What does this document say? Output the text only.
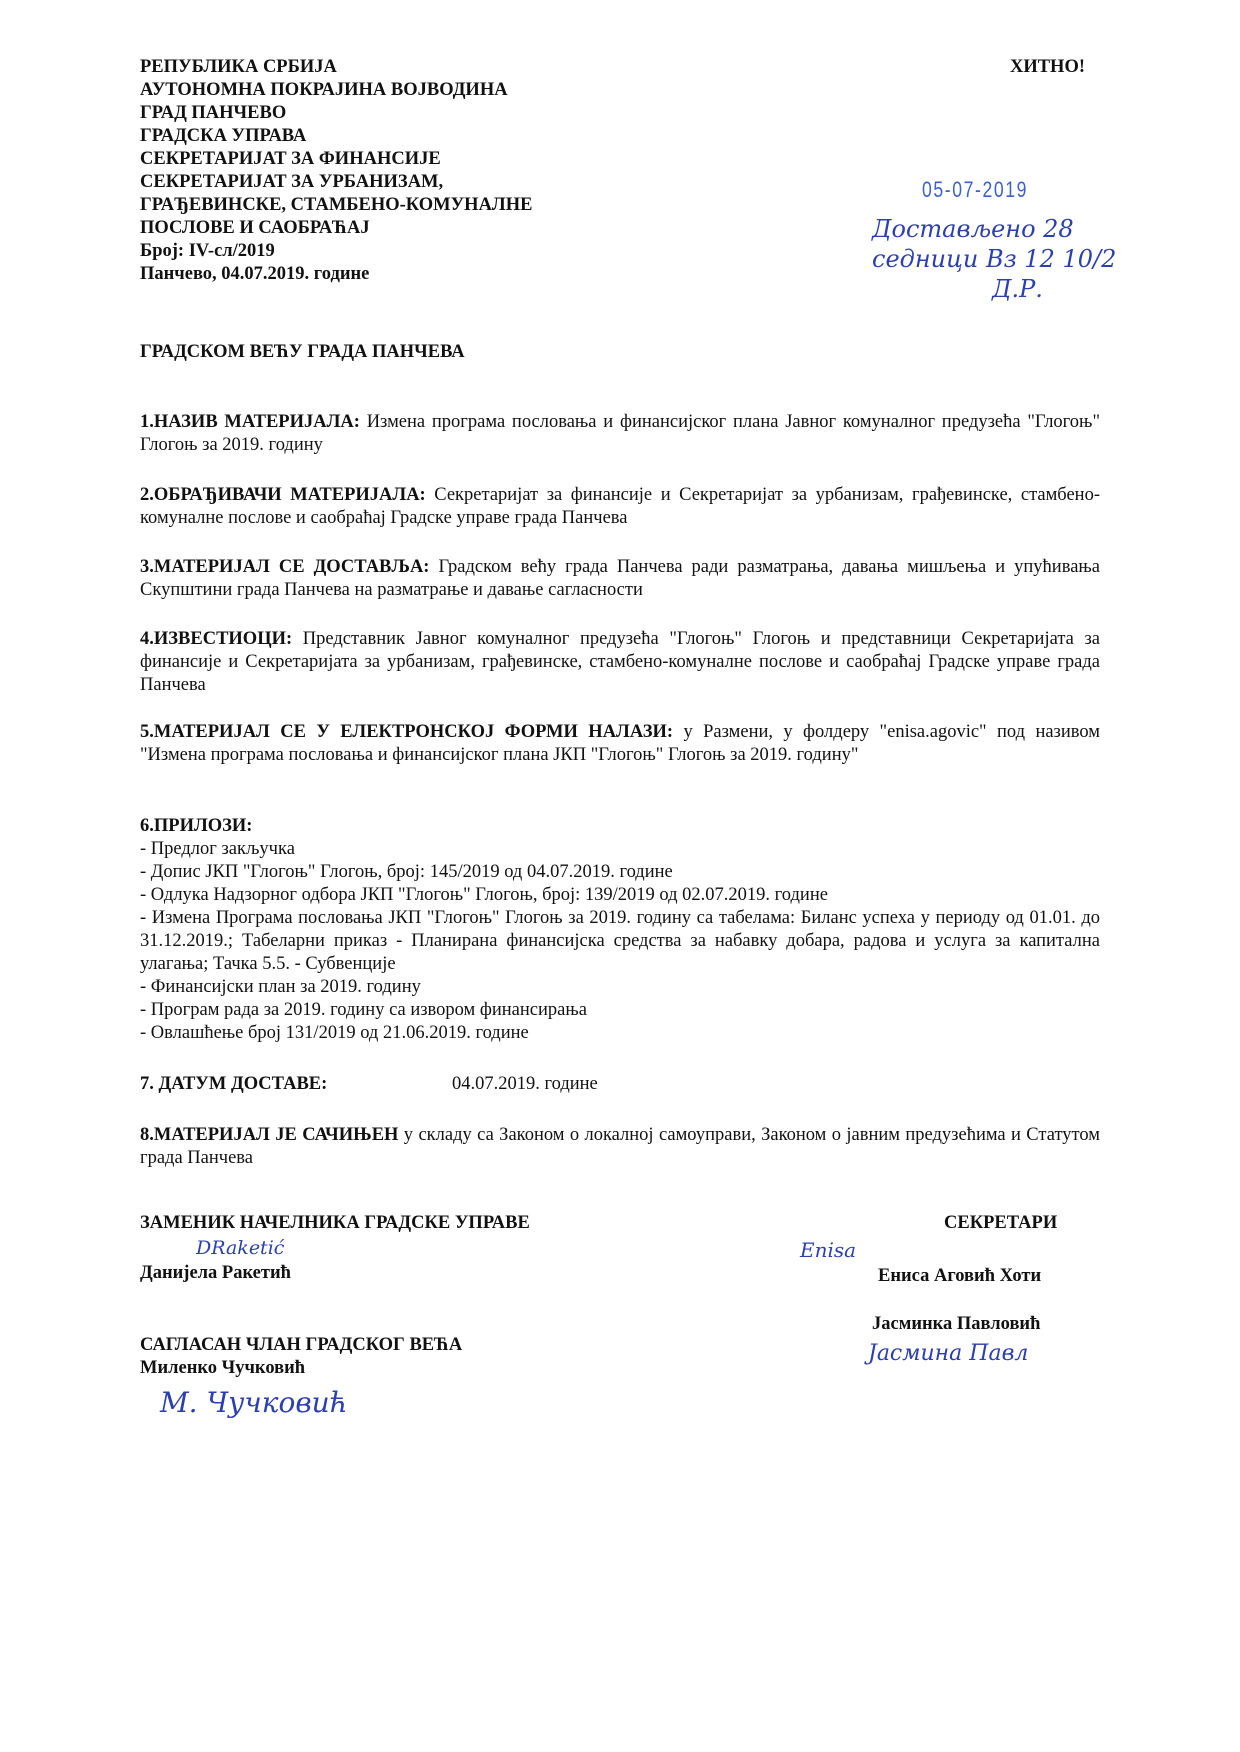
РЕПУБЛИКА СРБИЈА
АУТОНОМНА ПОКРАЈИНА ВОЈВОДИНА
ГРАД ПАНЧЕВО
ГРАДСКА УПРАВА
СЕКРЕТАРИЈАТ ЗА ФИНАНСИЈЕ
СЕКРЕТАРИЈАТ ЗА УРБАНИЗАМ,
ГРАЂЕВИНСКЕ, СТАМБЕНО-КОМУНАЛНЕ
ПОСЛОВЕ И САОБРАЋАЈ
Број: IV-сл/2019
Панчево, 04.07.2019. године
ХИТНО!
05-07-2019
Достављено 28
седници Вз 12 10/2
Д.Р.
ГРАДСКОМ ВЕЋУ ГРАДА ПАНЧЕВА
1.НАЗИВ МАТЕРИЈАЛА: Измена програма пословања и финансијског плана Јавног комуналног предузећа "Глогоњ" Глогоњ за 2019. годину
2.ОБРАЂИВАЧИ МАТЕРИЈАЛА: Секретаријат за финансије и Секретаријат за урбанизам, грађевинске, стамбено-комуналне послове и саобраћај Градске управе града Панчева
3.МАТЕРИЈАЛ СЕ ДОСТАВЉА: Градском већу града Панчева ради разматрања, давања мишљења и упућивања Скупштини града Панчева на разматрање и давање сагласности
4.ИЗВЕСТИОЦИ: Представник Јавног комуналног предузећа "Глогоњ" Глогоњ и представници Секретаријата за финансије и Секретаријата за урбанизам, грађевинске, стамбено-комуналне послове и саобраћај Градске управе града Панчева
5.МАТЕРИЈАЛ СЕ У ЕЛЕКТРОНСКОЈ ФОРМИ НАЛАЗИ: у Размени, у фолдеру "enisa.agovic" под називом "Измена програма пословања и финансијског плана ЈКП "Глогоњ" Глогоњ за 2019. годину"
6.ПРИЛОЗИ:
- Предлог закључка
- Допис ЈКП "Глогоњ" Глогоњ, број: 145/2019 од 04.07.2019. године
- Одлука Надзорног одбора ЈКП "Глогоњ" Глогоњ, број: 139/2019 од 02.07.2019. године
- Измена Програма пословања ЈКП "Глогоњ" Глогоњ за 2019. годину са табелама: Биланс успеха у периоду од 01.01. до 31.12.2019.; Табеларни приказ - Планирана финансијска средства за набавку добара, радова и услуга за капитална улагања; Тачка 5.5. - Субвенције
- Финансијски план за 2019. годину
- Програм рада за 2019. годину са извором финансирања
- Овлашћење број 131/2019 од 21.06.2019. године
7. ДАТУМ ДОСТАВЕ:	04.07.2019. године
8.МАТЕРИЈАЛ ЈЕ САЧИЊЕН у складу са Законом о локалној самоуправи, Законом о јавним предузећима и Статутом града Панчева
ЗАМЕНИК НАЧЕЛНИКА ГРАДСКЕ УПРАВЕ
DRaketić
Данијела Ракетић
СЕКРЕТАРИ
Enisa
Ениса Аговић Хоти
Јасминка Павловић
Јасмина Павл
САГЛАСАН ЧЛАН ГРАДСКОГ ВЕЋА
Миленко Чучковић
М. Чучковић
